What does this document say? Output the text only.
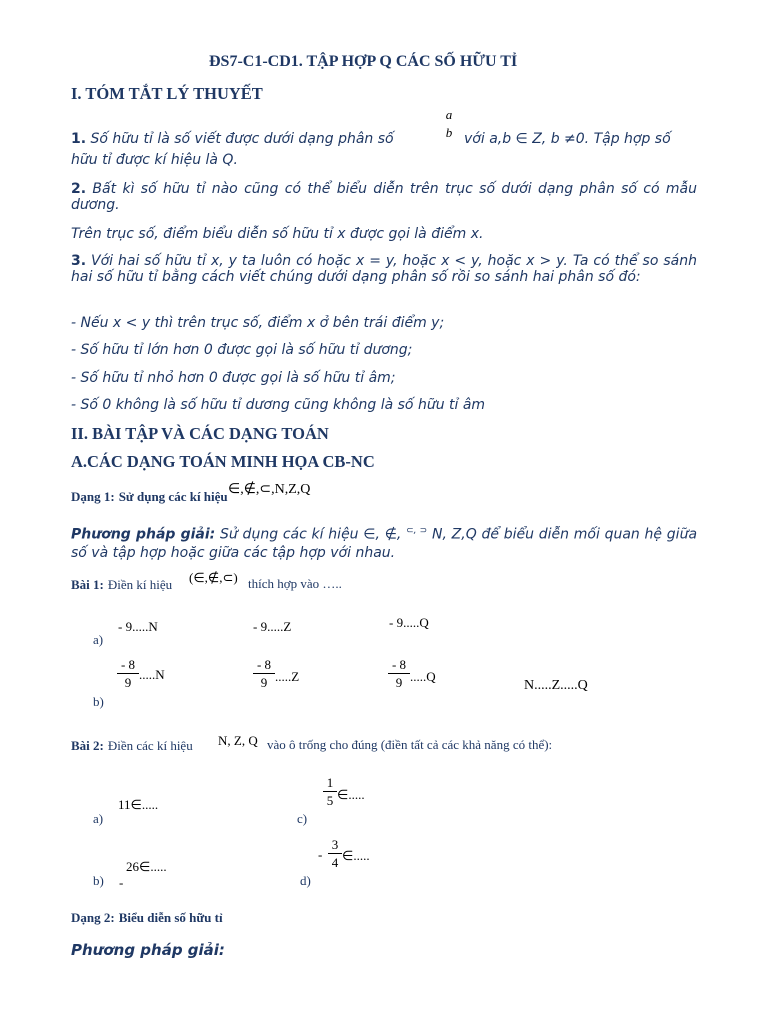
ĐS7-C1-CD1. TẬP HỢP Q CÁC SỐ HỮU TỈ
I. TÓM TẮT LÝ THUYẾT
1. Số hữu tỉ là số viết được dưới dạng phân số
a
b với a,b ∈ Z, b ≠0. Tập hợp số
hữu tỉ được kí hiệu là Q.
2. Bất kì số hữu tỉ nào cũng có thể biểu diễn trên trục số dưới dạng phân số có mẫu dương.
Trên trục số, điểm biểu diễn số hữu tỉ x được gọi là điểm x.
3. Với hai số hữu tỉ x, y ta luôn có hoặc x = y, hoặc x < y, hoặc x > y. Ta có thể so sánh hai số hữu tỉ bằng cách viết chúng dưới dạng phân số rồi so sánh hai phân số đó:
- Nếu x < y thì trên trục số, điểm x ở bên trái điểm y;
- Số hữu tỉ lớn hơn 0 được gọi là số hữu tỉ dương;
- Số hữu tỉ nhỏ hơn 0 được gọi là số hữu tỉ âm;
- Số 0 không là số hữu tỉ dương cũng không là số hữu tỉ âm
II. BÀI TẬP VÀ CÁC DẠNG TOÁN
A.CÁC DẠNG TOÁN MINH HỌA CB-NC
Dạng 1: Sử dụng các kí hiệu ∈,∉,⊂,N,Z,Q
Phương pháp giải: Sử dụng các kí hiệu ∈, ∉, ⊂, ⊃ N, Z,Q để biểu diễn mối quan hệ giữa số và tập hợp hoặc giữa các tập hợp với nhau.
Bài 1: Điền kí hiệu (∈,∉,⊂) thích hợp vào …..
a)
- 9.....N	- 9.....Z	- 9.....Q
b)
- 8
9
.....N
- 8
9 .....Z
- 8
9 .....Q
N.....Z.....Q
Bài 2: Điền các kí hiệu N, Z, Q vào ô trống cho đúng (điền tất cả các khả năng có thể):
a)
11∈.....
c)
1
5 ∈.....
b) -
26∈.....
d)
-
3
4 ∈.....
Dạng 2: Biểu diễn số hữu tỉ
Phương pháp giải:
